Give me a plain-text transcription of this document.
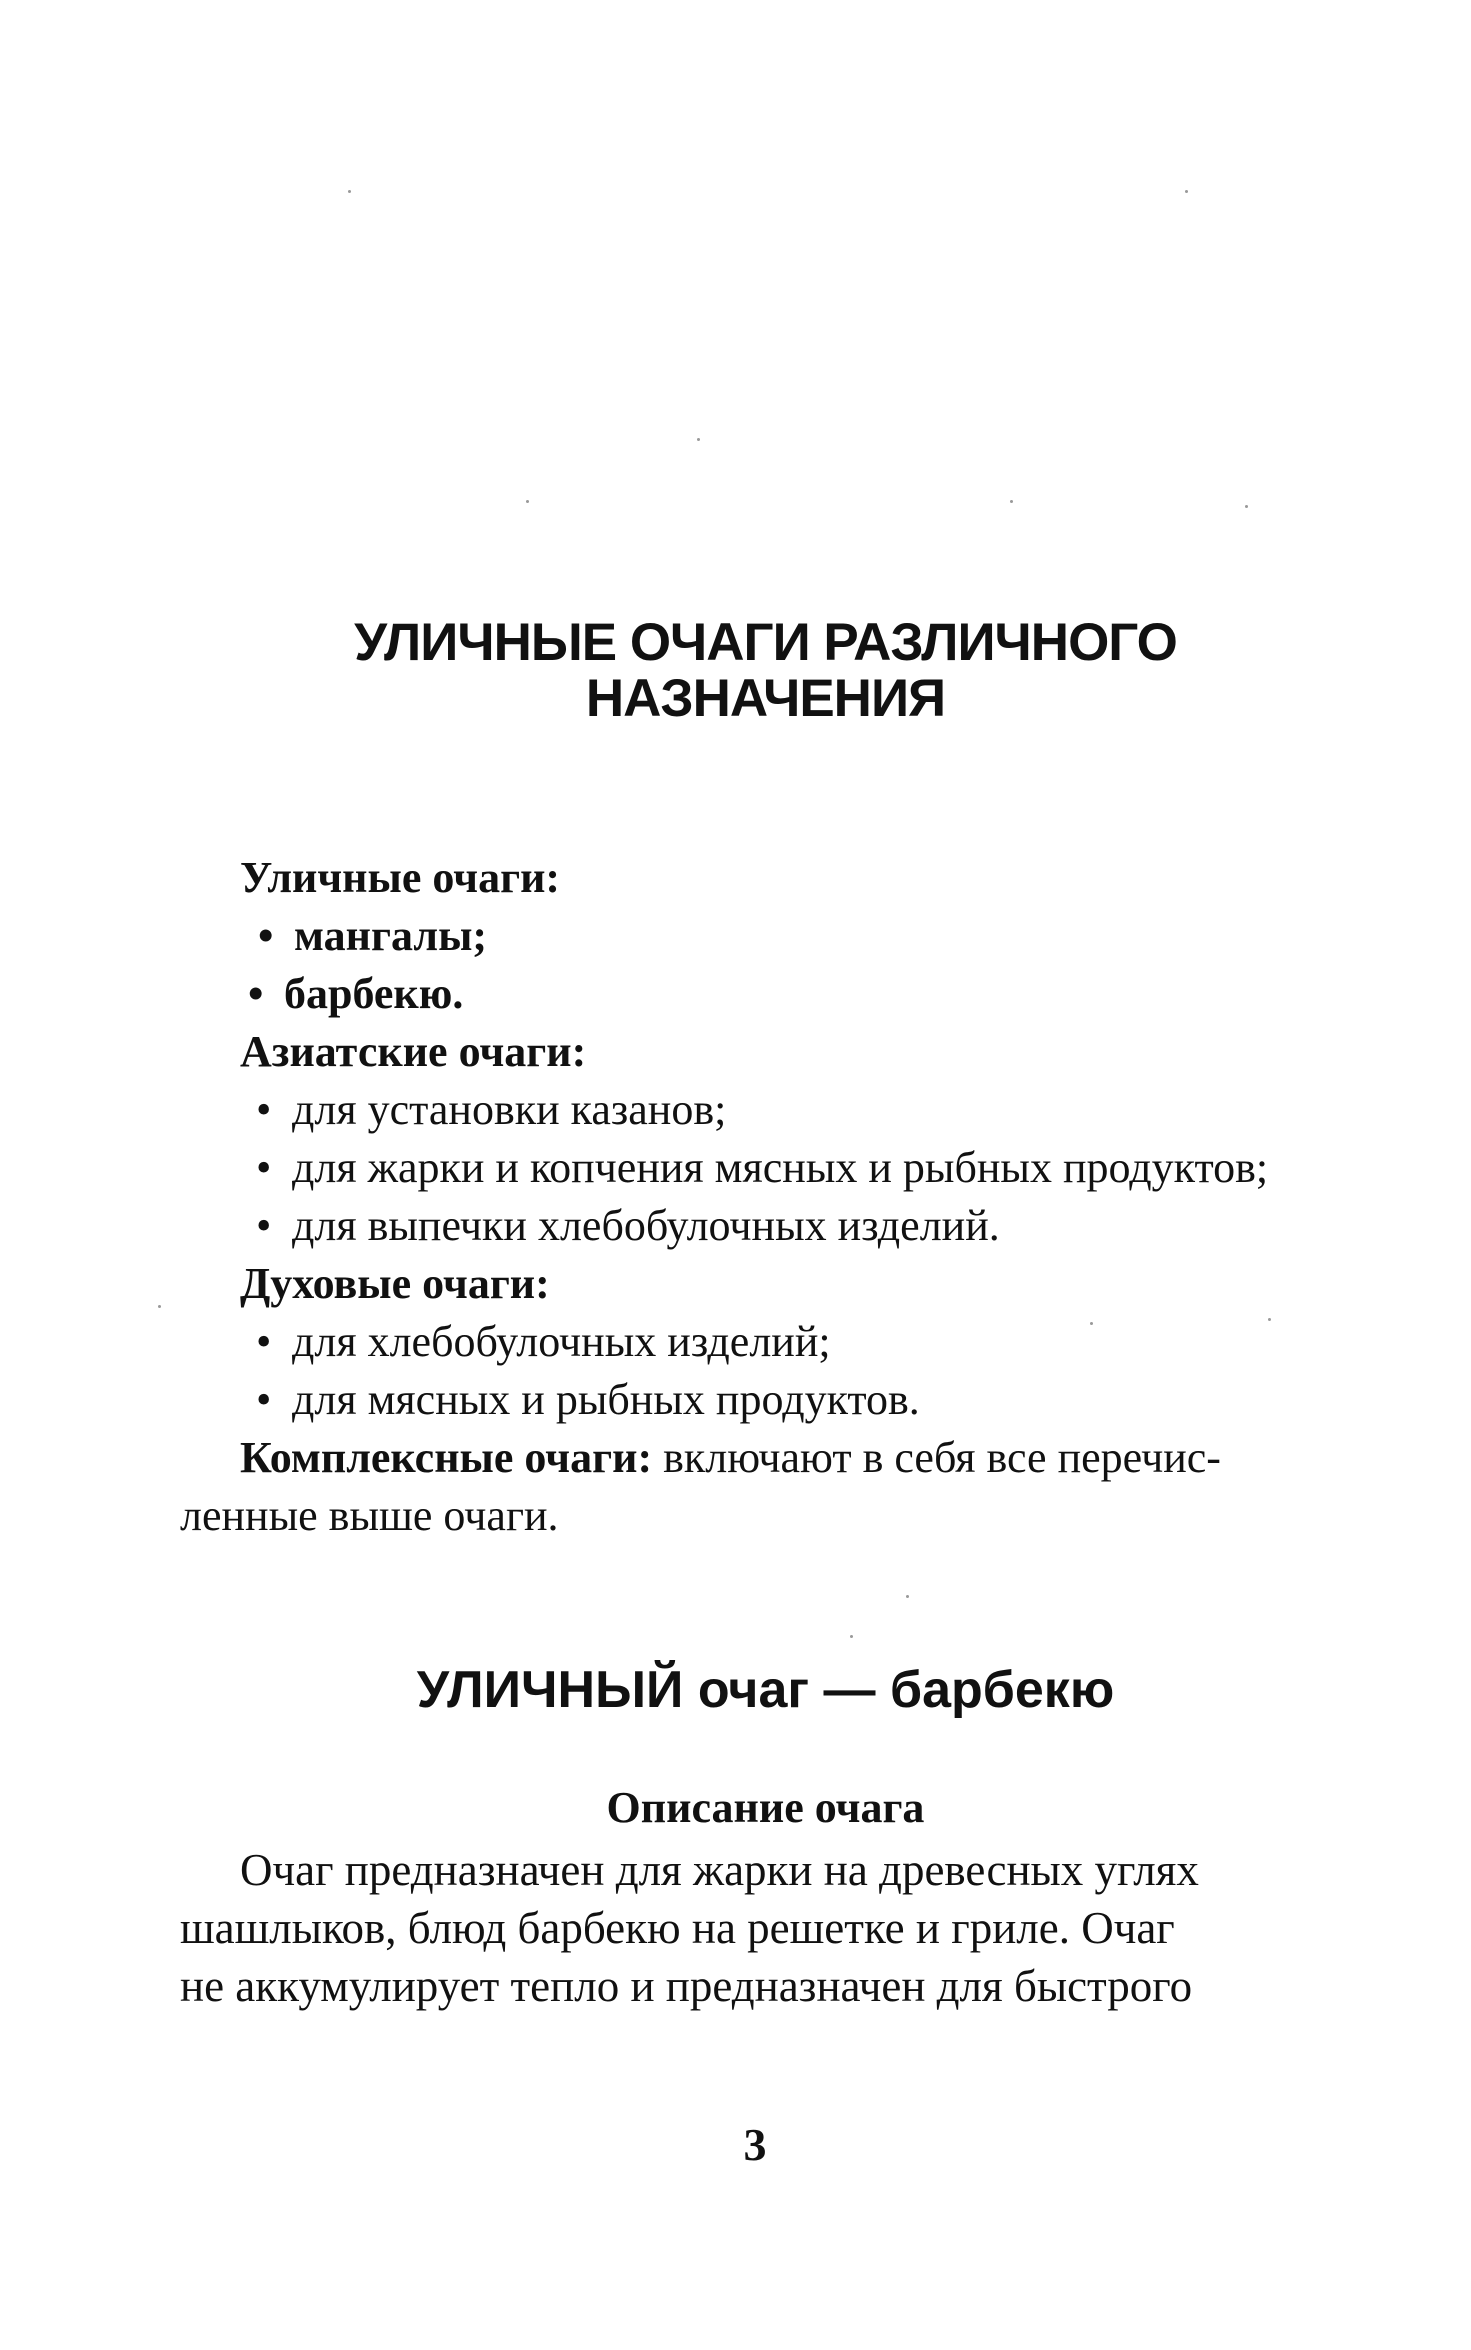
УЛИЧНЫЕ ОЧАГИ РАЗЛИЧНОГО
НАЗНАЧЕНИЯ
Уличные очаги:
• мангалы;
• барбекю.
Азиатские очаги:
• для установки казанов;
• для жарки и копчения мясных и рыбных продуктов;
• для выпечки хлебобулочных изделий.
Духовые очаги:
• для хлебобулочных изделий;
• для мясных и рыбных продуктов.
Комплексные очаги: включают в себя все перечис-
ленные выше очаги.
УЛИЧНЫЙ очаг — барбекю
Описание очага
Очаг предназначен для жарки на древесных углях
шашлыков, блюд барбекю на решетке и гриле. Очаг
не аккумулирует тепло и предназначен для быстрого
3
